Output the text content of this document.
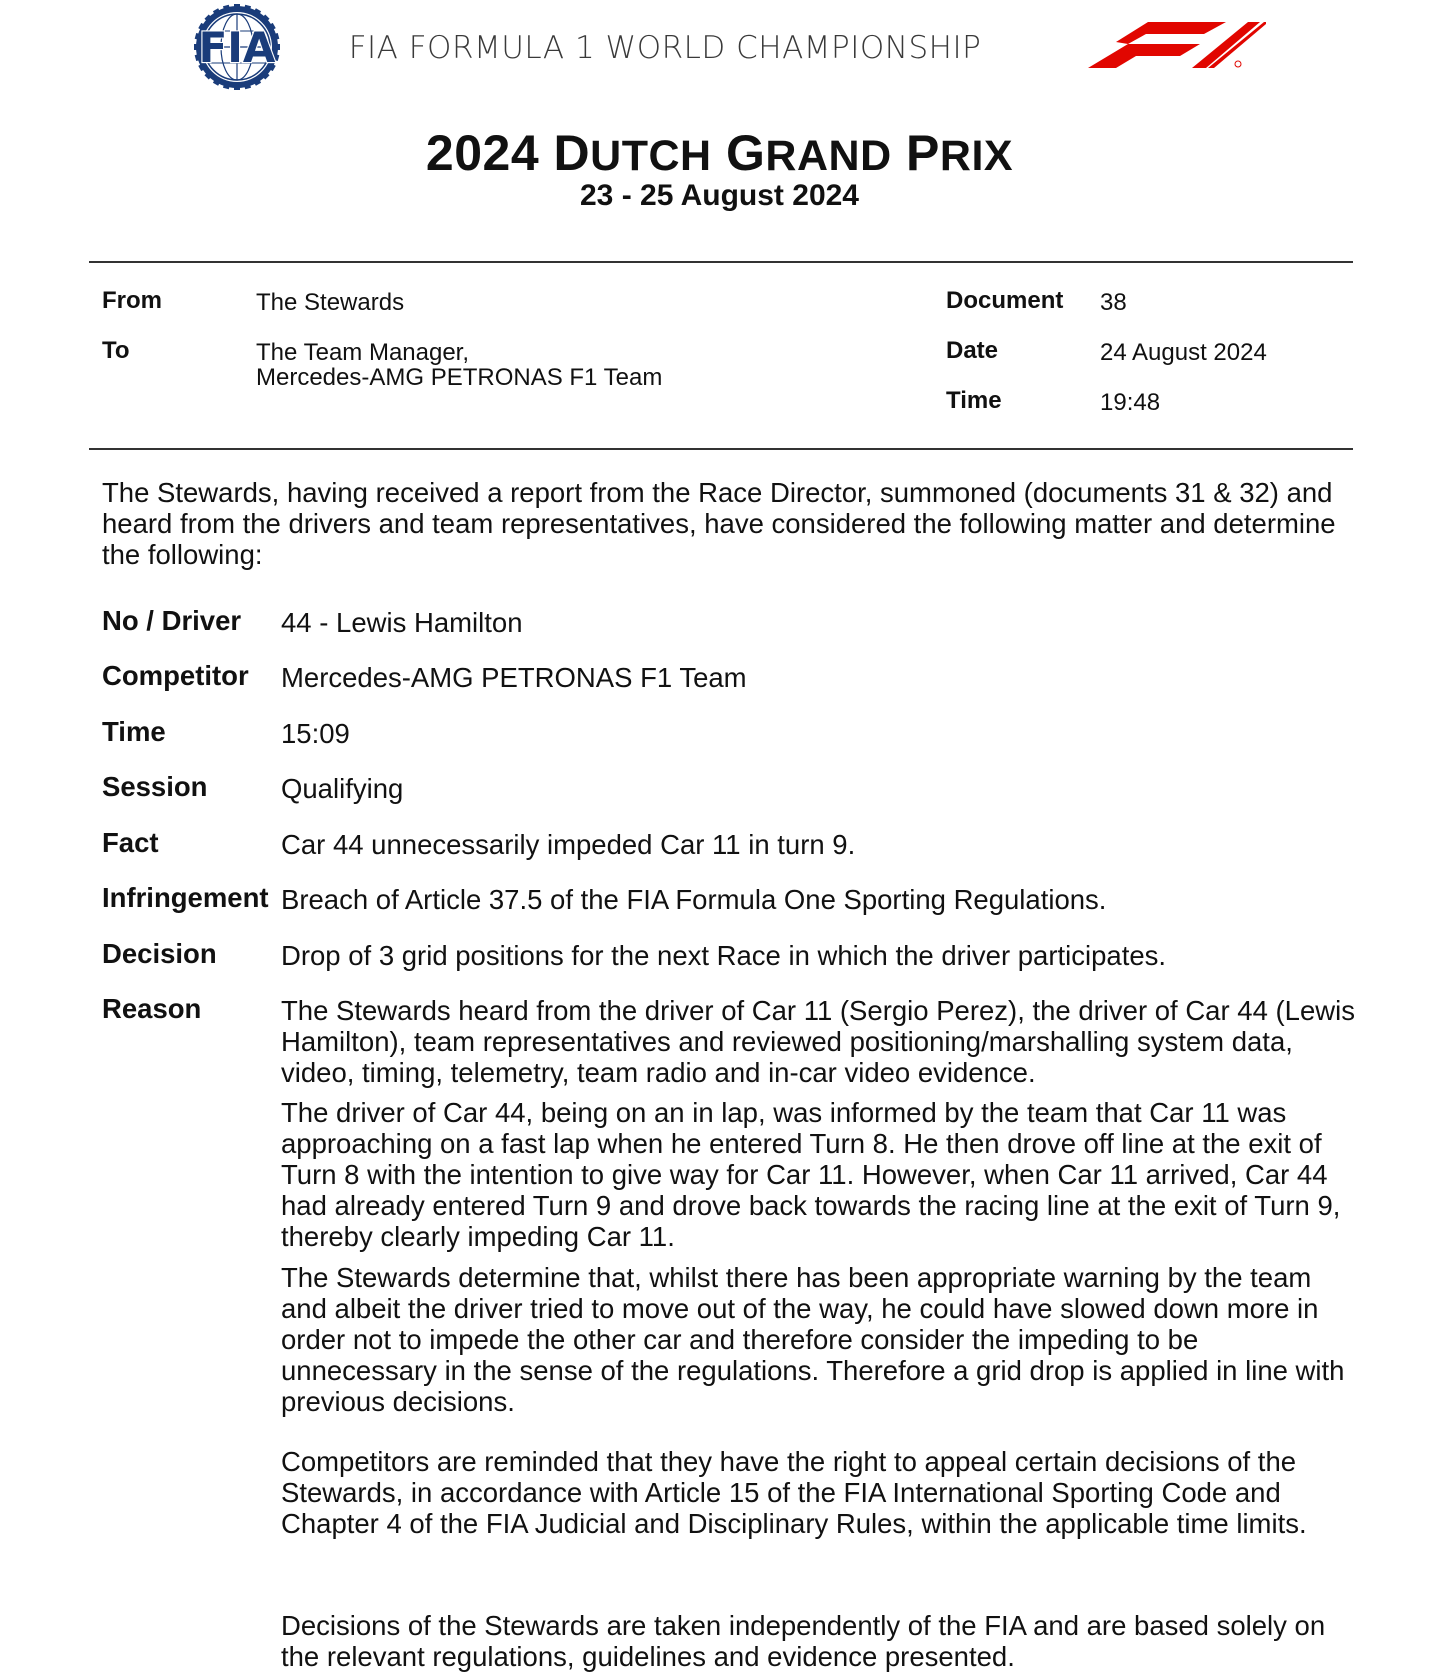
FIA	FIA FORMULA 1 WORLD CHAMPIONSHIP
2024 DUTCH GRAND PRIX
23 - 25 August 2024
From	The Stewards
To	The Team Manager,
Mercedes-AMG PETRONAS F1 Team
Document 38
Date	24 August 2024
Time	19:48
The Stewards, having received a report from the Race Director, summoned (documents 31 & 32) and heard from the drivers and team representatives, have considered the following matter and determine the following:
No / Driver 44 - Lewis Hamilton
Competitor Mercedes-AMG PETRONAS F1 Team
Time	15:09
Session	Qualifying
Fact	Car 44 unnecessarily impeded Car 11 in turn 9.
Infringement Breach of Article 37.5 of the FIA Formula One Sporting Regulations.
Decision Drop of 3 grid positions for the next Race in which the driver participates.
Reason	The Stewards heard from the driver of Car 11 (Sergio Perez), the driver of Car 44 (Lewis Hamilton), team representatives and reviewed positioning/marshalling system data, video, timing, telemetry, team radio and in-car video evidence.
The driver of Car 44, being on an in lap, was informed by the team that Car 11 was approaching on a fast lap when he entered Turn 8. He then drove off line at the exit of Turn 8 with the intention to give way for Car 11. However, when Car 11 arrived, Car 44 had already entered Turn 9 and drove back towards the racing line at the exit of Turn 9, thereby clearly impeding Car 11.
The Stewards determine that, whilst there has been appropriate warning by the team and albeit the driver tried to move out of the way, he could have slowed down more in order not to impede the other car and therefore consider the impeding to be unnecessary in the sense of the regulations. Therefore a grid drop is applied in line with previous decisions.
Competitors are reminded that they have the right to appeal certain decisions of the Stewards, in accordance with Article 15 of the FIA International Sporting Code and Chapter 4 of the FIA Judicial and Disciplinary Rules, within the applicable time limits.
Decisions of the Stewards are taken independently of the FIA and are based solely on the relevant regulations, guidelines and evidence presented.
